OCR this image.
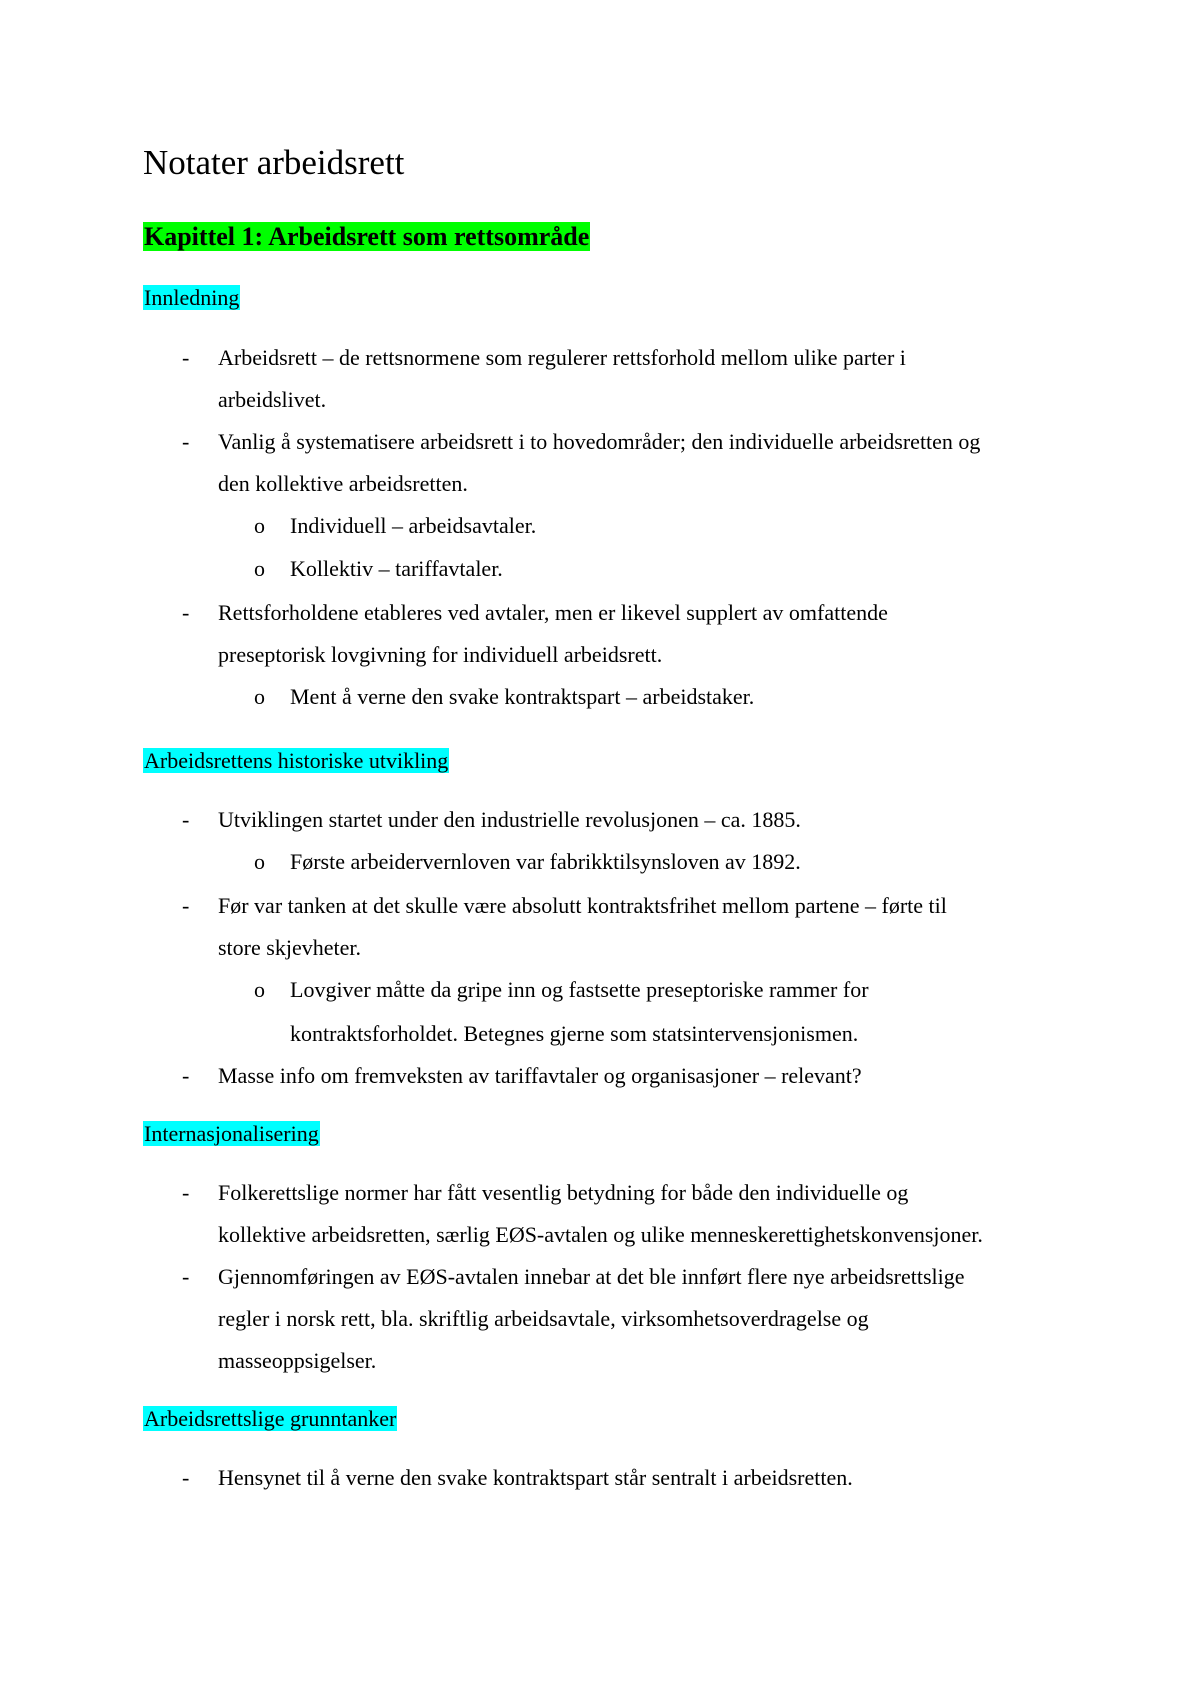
Notater arbeidsrett
Kapittel 1: Arbeidsrett som rettsområde
Innledning
- Arbeidsrett – de rettsnormene som regulerer rettsforhold mellom ulike parter i

arbeidslivet.

- Vanlig å systematisere arbeidsrett i to hovedområder; den individuelle arbeidsretten og

den kollektive arbeidsretten.

o Individuell – arbeidsavtaler.

o Kollektiv – tariffavtaler.

- Rettsforholdene etableres ved avtaler, men er likevel supplert av omfattende

preseptorisk lovgivning for individuell arbeidsrett.

o Ment å verne den svake kontraktspart – arbeidstaker.

Arbeidsrettens historiske utvikling
- Utviklingen startet under den industrielle revolusjonen – ca. 1885.

o Første arbeidervernloven var fabrikktilsynsloven av 1892.

- Før var tanken at det skulle være absolutt kontraktsfrihet mellom partene – førte til

store skjevheter.

o Lovgiver måtte da gripe inn og fastsette preseptoriske rammer for

kontraktsforholdet. Betegnes gjerne som statsintervensjonismen.

- Masse info om fremveksten av tariffavtaler og organisasjoner – relevant?

Internasjonalisering
- Folkerettslige normer har fått vesentlig betydning for både den individuelle og

kollektive arbeidsretten, særlig EØS-avtalen og ulike menneskerettighetskonvensjoner.

- Gjennomføringen av EØS-avtalen innebar at det ble innført flere nye arbeidsrettslige

regler i norsk rett, bla. skriftlig arbeidsavtale, virksomhetsoverdragelse og

masseoppsigelser.

Arbeidsrettslige grunntanker
- Hensynet til å verne den svake kontraktspart står sentralt i arbeidsretten.
